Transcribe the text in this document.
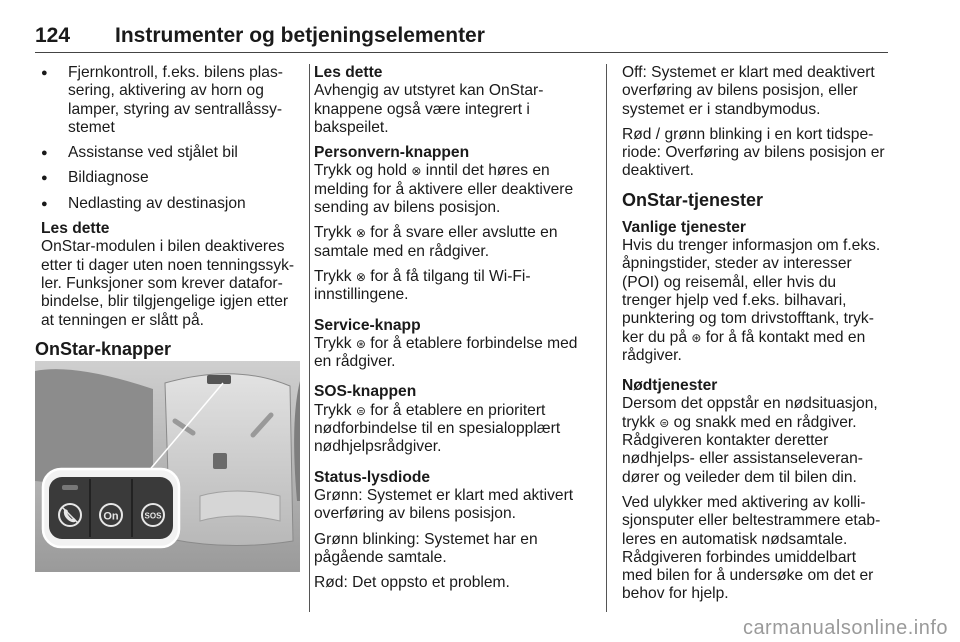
124 Instrumenter og betjeningselementer
● Fjernkontroll, f.eks. bilens plas-sering, aktivering av horn og lamper, styring av sentrallåssy-stemet
● Assistanse ved stjålet bil
● Bildiagnose
● Nedlasting av destinasjon
Les dette
OnStar-modulen i bilen deaktiveres etter ti dager uten noen tenningssyk-ler. Funksjoner som krever datafor-bindelse, blir tilgjengelige igjen etter at tenningen er slått på.
OnStar-knapper
On	SOS
Les dette

Avhengig av utstyret kan OnStar-knappene også være integrert i bakspeilet.

Personvern-knappen

Trykk og hold ⊗ inntil det høres en melding for å aktivere eller deaktivere sending av bilens posisjon.

Trykk ⊗ for å svare eller avslutte en samtale med en rådgiver.

Trykk ⊗ for å få tilgang til Wi-Fi-innstillingene.

Service-knapp

Trykk ⊛ for å etablere forbindelse med en rådgiver.

SOS-knappen

Trykk ⊜ for å etablere en prioritert nødforbindelse til en spesialopplært nødhjelpsrådgiver.

Status-lysdiode

Grønn: Systemet er klart med aktivert overføring av bilens posisjon.

Grønn blinking: Systemet har en pågående samtale.

Rød: Det oppsto et problem.

Off: Systemet er klart med deaktivert overføring av bilens posisjon, eller systemet er i standbymodus.

Rød / grønn blinking i en kort tidspe-riode: Overføring av bilens posisjon er deaktivert.

OnStar-tjenester
Vanlige tjenester

Hvis du trenger informasjon om f.eks. åpningstider, steder av interesser (POI) og reisemål, eller hvis du trenger hjelp ved f.eks. bilhavari, punktering og tom drivstofftank, tryk-ker du på ⊛ for å få kontakt med en rådgiver.

Nødtjenester

Dersom det oppstår en nødsituasjon, trykk ⊜ og snakk med en rådgiver. Rådgiveren kontakter deretter nødhjelps- eller assistanseleveran-dører og veileder dem til bilen din.

Ved ulykker med aktivering av kolli-sjonsputer eller beltestrammere etab-leres en automatisk nødsamtale. Rådgiveren forbindes umiddelbart med bilen for å undersøke om det er behov for hjelp.

carmanualsonline.info
